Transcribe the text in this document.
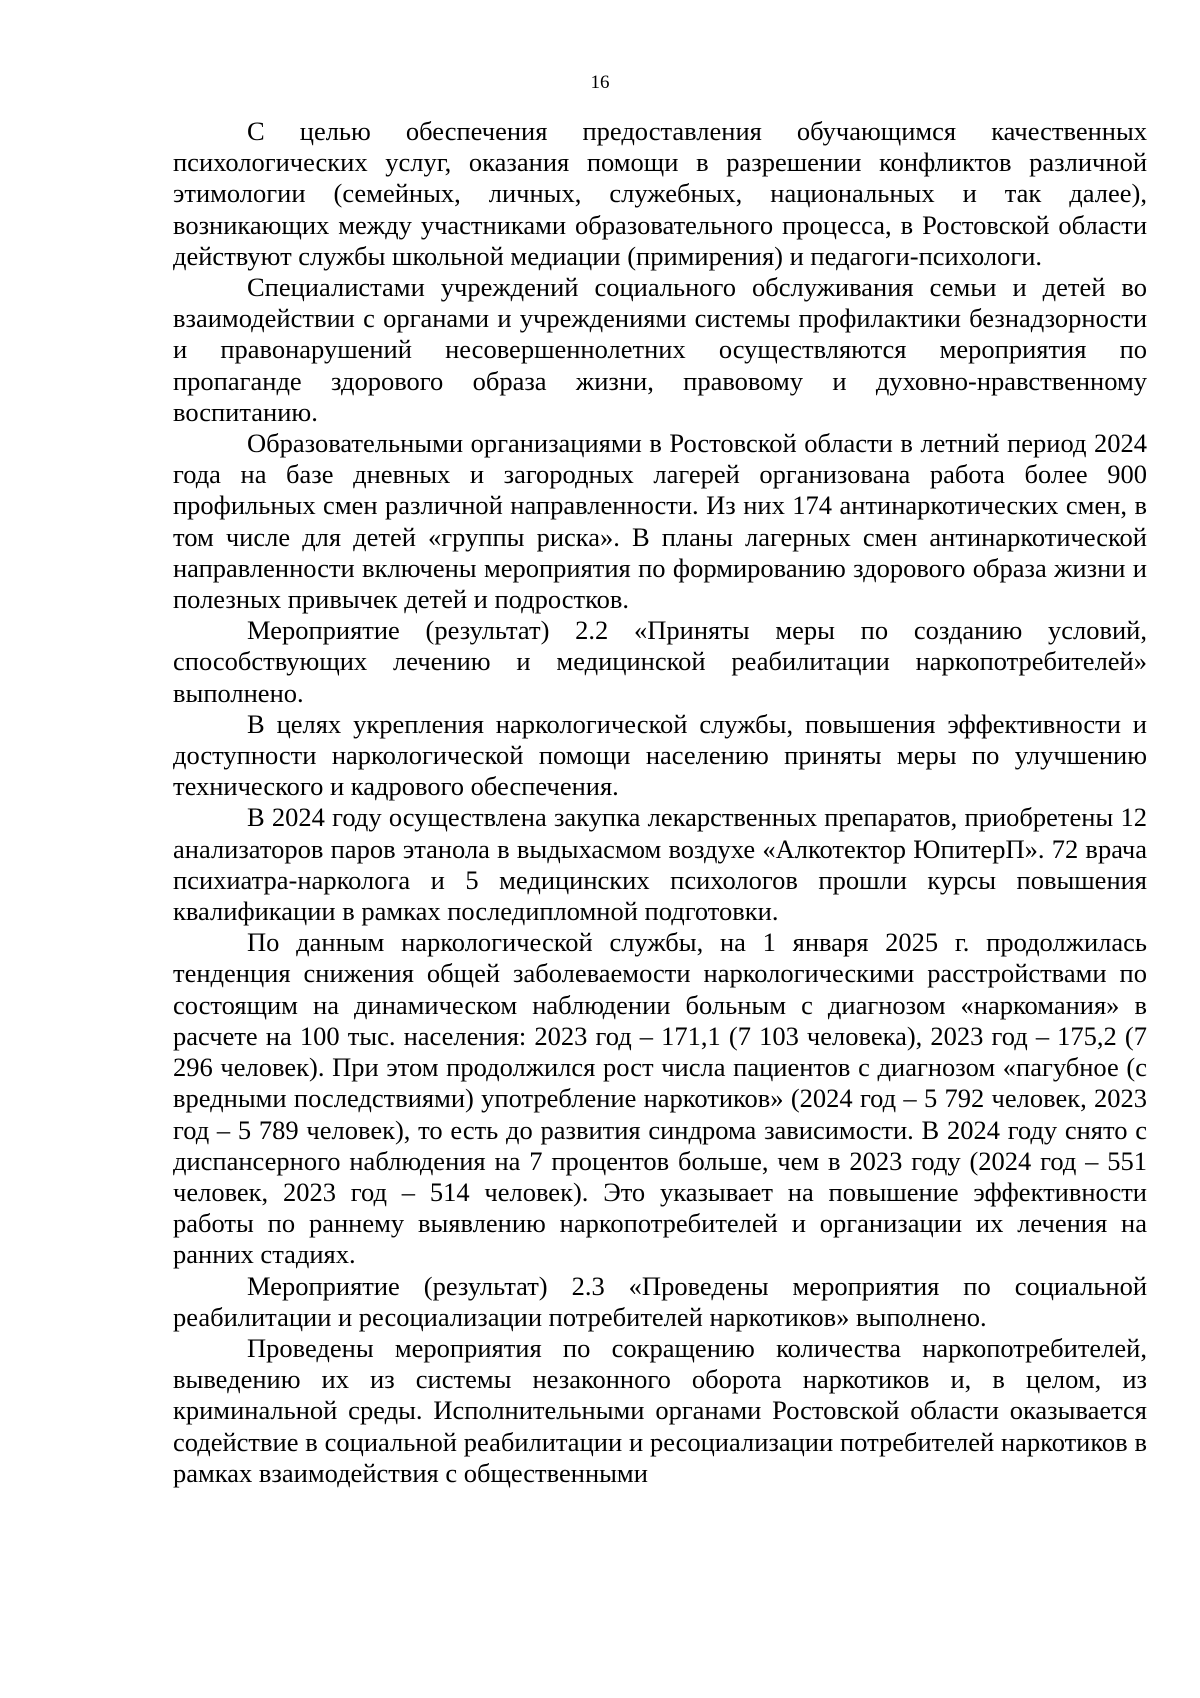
16

С целью обеспечения предоставления обучающимся качественных психологических услуг, оказания помощи в разрешении конфликтов различной этимологии (семейных, личных, служебных, национальных и так далее), возникающих между участниками образовательного процесса, в Ростовской области действуют службы школьной медиации (примирения) и педагоги-психологи.

Специалистами учреждений социального обслуживания семьи и детей во взаимодействии с органами и учреждениями системы профилактики безнадзорности и правонарушений несовершеннолетних осуществляются мероприятия по пропаганде здорового образа жизни, правовому и духовно-нравственному воспитанию.

Образовательными организациями в Ростовской области в летний период 2024 года на базе дневных и загородных лагерей организована работа более 900 профильных смен различной направленности. Из них 174 антинаркотических смен, в том числе для детей «группы риска». В планы лагерных смен антинаркотической направленности включены мероприятия по формированию здорового образа жизни и полезных привычек детей и подростков.

Мероприятие (результат) 2.2 «Приняты меры по созданию условий, способствующих лечению и медицинской реабилитации наркопотребителей» выполнено.

В целях укрепления наркологической службы, повышения эффективности и доступности наркологической помощи населению приняты меры по улучшению технического и кадрового обеспечения.

В 2024 году осуществлена закупка лекарственных препаратов, приобретены 12 анализаторов паров этанола в выдыхасмом воздухе «Алкотектор ЮпитерП». 72 врача психиатра-нарколога и 5 медицинских психологов прошли курсы повышения квалификации в рамках последипломной подготовки.

По данным наркологической службы, на 1 января 2025 г. продолжилась тенденция снижения общей заболеваемости наркологическими расстройствами по состоящим на динамическом наблюдении больным с диагнозом «наркомания» в расчете на 100 тыс. населения: 2023 год – 171,1 (7 103 человека), 2023 год – 175,2 (7 296 человек). При этом продолжился рост числа пациентов с диагнозом «пагубное (с вредными последствиями) употребление наркотиков» (2024 год – 5 792 человек, 2023 год – 5 789 человек), то есть до развития синдрома зависимости. В 2024 году снято с диспансерного наблюдения на 7 процентов больше, чем в 2023 году (2024 год – 551 человек, 2023 год – 514 человек). Это указывает на повышение эффективности работы по раннему выявлению наркопотребителей и организации их лечения на ранних стадиях.

Мероприятие (результат) 2.3 «Проведены мероприятия по социальной реабилитации и ресоциализации потребителей наркотиков» выполнено.

Проведены мероприятия по сокращению количества наркопотребителей, выведению их из системы незаконного оборота наркотиков и, в целом, из криминальной среды. Исполнительными органами Ростовской области оказывается содействие в социальной реабилитации и ресоциализации потребителей наркотиков в рамках взаимодействия с общественными
